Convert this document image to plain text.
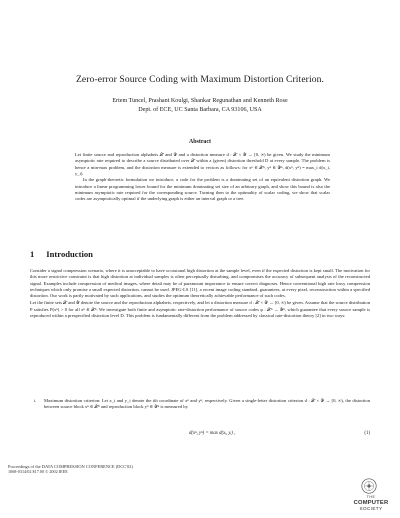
Zero-error Source Coding with Maximum Distortion Criterion.
Ertem Tuncel, Prashant Koulgi, Shankar Regunathan and Kenneth Rose
Dept. of ECE, UC Santa Barbara, CA 93106, USA
Abstract

Let finite source and reproduction alphabets 𝒳 and 𝒴 and a distortion measure d : 𝒳 × 𝒴 → [0, ∞) be given. We study the minimum asymptotic rate required to describe a source distributed over 𝒳 within a (given) distortion threshold D at every sample. The problem is hence a min-max problem, and the distortion measure is extended to vectors as follows: for xⁿ ∈ 𝒳ⁿ, yⁿ ∈ 𝒴ⁿ, d(xⁿ, yⁿ) = max_i d(x_i, y_i).

In the graph-theoretic formulation we introduce, a code for the problem is a dominating set of an equivalent distortion graph. We introduce a linear programming lower bound for the minimum dominating set size of an arbitrary graph, and show this bound is also the minimum asymptotic rate required for the corresponding source. Turning then to the optimality of scalar coding, we show that scalar codes are asymptotically optimal if the underlying graph is either an interval graph or a tree.

1 Introduction

Consider a signal compression scenario, where it is unacceptable to have occasional high distortion at the sample level, even if the expected distortion is kept small. The motivation for this more restrictive constraint is that high distortion at individual samples is often perceptually disturbing, and compromises the accuracy of subsequent analysis of the reconstructed signal. Examples include compression of medical images, where detail may be of paramount importance to ensure correct diagnoses. Hence conventional high rate lossy compression techniques which only promise a small expected distortion, cannot be used. JPEG-LS [11], a recent image coding standard, guarantees, at every pixel, reconstruction within a specified distortion. Our work is partly motivated by such applications, and studies the optimum theoretically achievable performance of such codes.

Let the finite sets 𝒳 and 𝒴 denote the source and the reproduction alphabets, respectively, and let a distortion measure d : 𝒳 × 𝒴 → [0, ∞) be given. Assume that the source distribution P satisfies P(xⁿ) > 0 for all xⁿ ∈ 𝒳ⁿ. We investigate both finite and asymptotic rate-distortion performance of source codes φ : 𝒳ⁿ → 𝒴ⁿ, which guarantee that every source sample is reproduced within a prespecified distortion level D. This problem is fundamentally different from the problem addressed by classical rate-distortion theory [2] in two ways:

i. Maximum distortion criterion: Let x_i and y_i denote the ith coordinate of xⁿ and yⁿ, respectively. Given a single-letter distortion criterion d : 𝒳 × 𝒴 → [0, ∞), the distortion between source block xⁿ ∈ 𝒳ⁿ and reproduction block yⁿ ∈ 𝒴ⁿ is measured by

d(xⁿ, yⁿ) = max d(xᵢ, yᵢ) ,	(1)
Proceedings of the DATA COMPRESSION CONFERENCE (DCC'02)
1068-0314/02 $17.00 © 2002 IEEE
THE
COMPUTER
SOCIETY
